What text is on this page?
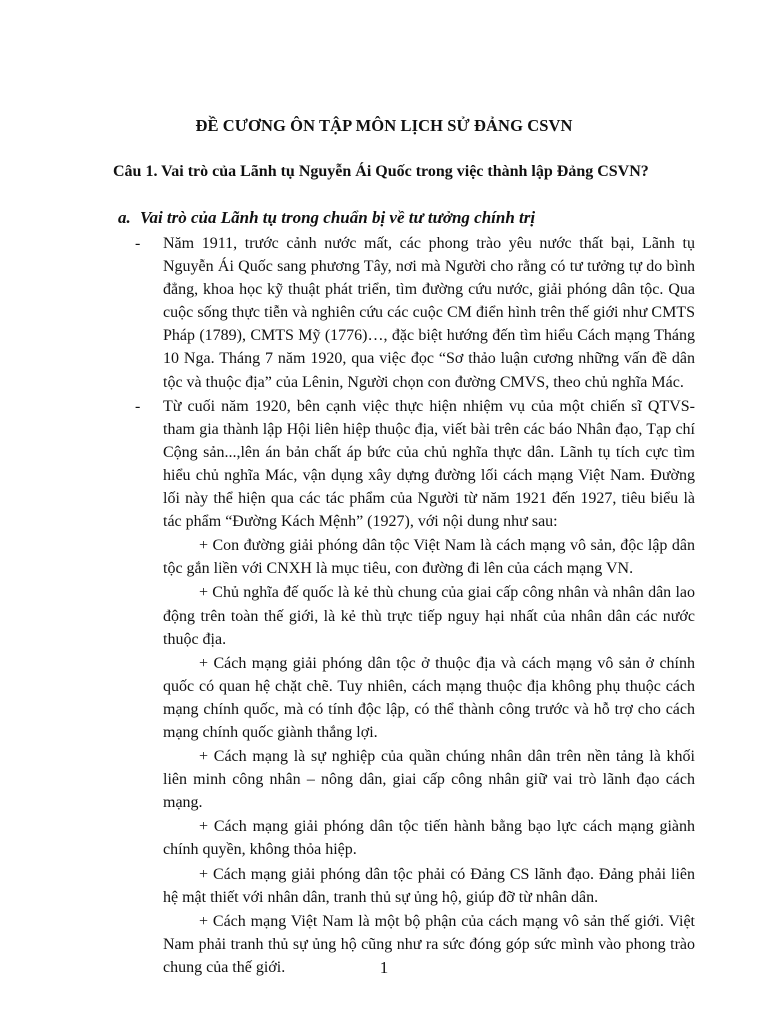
ĐỀ CƯƠNG ÔN TẬP MÔN LỊCH SỬ ĐẢNG CSVN
Câu 1. Vai trò của Lãnh tụ Nguyễn Ái Quốc trong việc thành lập Đảng CSVN?
a. Vai trò của Lãnh tụ trong chuẩn bị về tư tưởng chính trị

-	Năm 1911, trước cảnh nước mất, các phong trào yêu nước thất bại, Lãnh tụ Nguyễn Ái Quốc sang phương Tây, nơi mà Người cho rằng có tư tưởng tự do bình đẳng, khoa học kỹ thuật phát triển, tìm đường cứu nước, giải phóng dân tộc. Qua cuộc sống thực tiễn và nghiên cứu các cuộc CM điển hình trên thế giới như CMTS Pháp (1789), CMTS Mỹ (1776)…, đặc biệt hướng đến tìm hiểu Cách mạng Tháng 10 Nga. Tháng 7 năm 1920, qua việc đọc “Sơ thảo luận cương những vấn đề dân tộc và thuộc địa” của Lênin, Người chọn con đường CMVS, theo chủ nghĩa Mác.

-	Từ cuối năm 1920, bên cạnh việc thực hiện nhiệm vụ của một chiến sĩ QTVS- tham gia thành lập Hội liên hiệp thuộc địa, viết bài trên các báo Nhân đạo, Tạp chí Cộng sản...,lên án bản chất áp bức của chủ nghĩa thực dân. Lãnh tụ tích cực tìm hiểu chủ nghĩa Mác, vận dụng xây dựng đường lối cách mạng Việt Nam. Đường lối này thể hiện qua các tác phẩm của Người từ năm 1921 đến 1927, tiêu biểu là tác phẩm “Đường Kách Mệnh” (1927), với nội dung như sau:

+ Con đường giải phóng dân tộc Việt Nam là cách mạng vô sản, độc lập dân tộc gắn liền với CNXH là mục tiêu, con đường đi lên của cách mạng VN.

+ Chủ nghĩa đế quốc là kẻ thù chung của giai cấp công nhân và nhân dân lao động trên toàn thế giới, là kẻ thù trực tiếp nguy hại nhất của nhân dân các nước thuộc địa.

+ Cách mạng giải phóng dân tộc ở thuộc địa và cách mạng vô sản ở chính quốc có quan hệ chặt chẽ. Tuy nhiên, cách mạng thuộc địa không phụ thuộc cách mạng chính quốc, mà có tính độc lập, có thể thành công trước và hỗ trợ cho cách mạng chính quốc giành thắng lợi.

+ Cách mạng là sự nghiệp của quần chúng nhân dân trên nền tảng là khối liên minh công nhân – nông dân, giai cấp công nhân giữ vai trò lãnh đạo cách mạng.

+ Cách mạng giải phóng dân tộc tiến hành bằng bạo lực cách mạng giành chính quyền, không thỏa hiệp.

+ Cách mạng giải phóng dân tộc phải có Đảng CS lãnh đạo. Đảng phải liên hệ mật thiết với nhân dân, tranh thủ sự ủng hộ, giúp đỡ từ nhân dân.

+ Cách mạng Việt Nam là một bộ phận của cách mạng vô sản thế giới. Việt Nam phải tranh thủ sự ủng hộ cũng như ra sức đóng góp sức mình vào phong trào chung của thế giới.	1
